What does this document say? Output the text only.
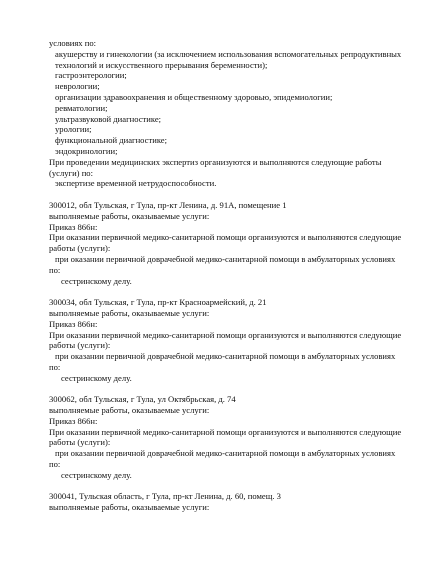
условиях по:
акушерству и гинекологии (за исключением использования вспомогательных репродуктивных
технологий и искусственного прерывания беременности);
гастроэнтерологии;
неврологии;
организации здравоохранения и общественному здоровью, эпидемиологии;
ревматологии;
ультразвуковой диагностике;
урологии;
функциональной диагностике;
эндокринологии;
При проведении медицинских экспертиз организуются и выполняются следующие работы
(услуги) по:
экспертизе временной нетрудоспособности.
300012, обл Тульская, г Тула, пр-кт Ленина, д. 91А, помещение 1
выполняемые работы, оказываемые услуги:
Приказ 866н:
При оказании первичной медико-санитарной помощи организуются и выполняются следующие
работы (услуги):
при оказании первичной доврачебной медико-санитарной помощи в амбулаторных условиях
по:
сестринскому делу.
300034, обл Тульская, г Тула, пр-кт Красноармейский, д. 21
выполняемые работы, оказываемые услуги:
Приказ 866н:
При оказании первичной медико-санитарной помощи организуются и выполняются следующие
работы (услуги):
при оказании первичной доврачебной медико-санитарной помощи в амбулаторных условиях
по:
сестринскому делу.
300062, обл Тульская, г Тула, ул Октябрьская, д. 74
выполняемые работы, оказываемые услуги:
Приказ 866н:
При оказании первичной медико-санитарной помощи организуются и выполняются следующие
работы (услуги):
при оказании первичной доврачебной медико-санитарной помощи в амбулаторных условиях
по:
сестринскому делу.
300041, Тульская область, г Тула, пр-кт Ленина, д. 60, помещ. 3
выполняемые работы, оказываемые услуги:
